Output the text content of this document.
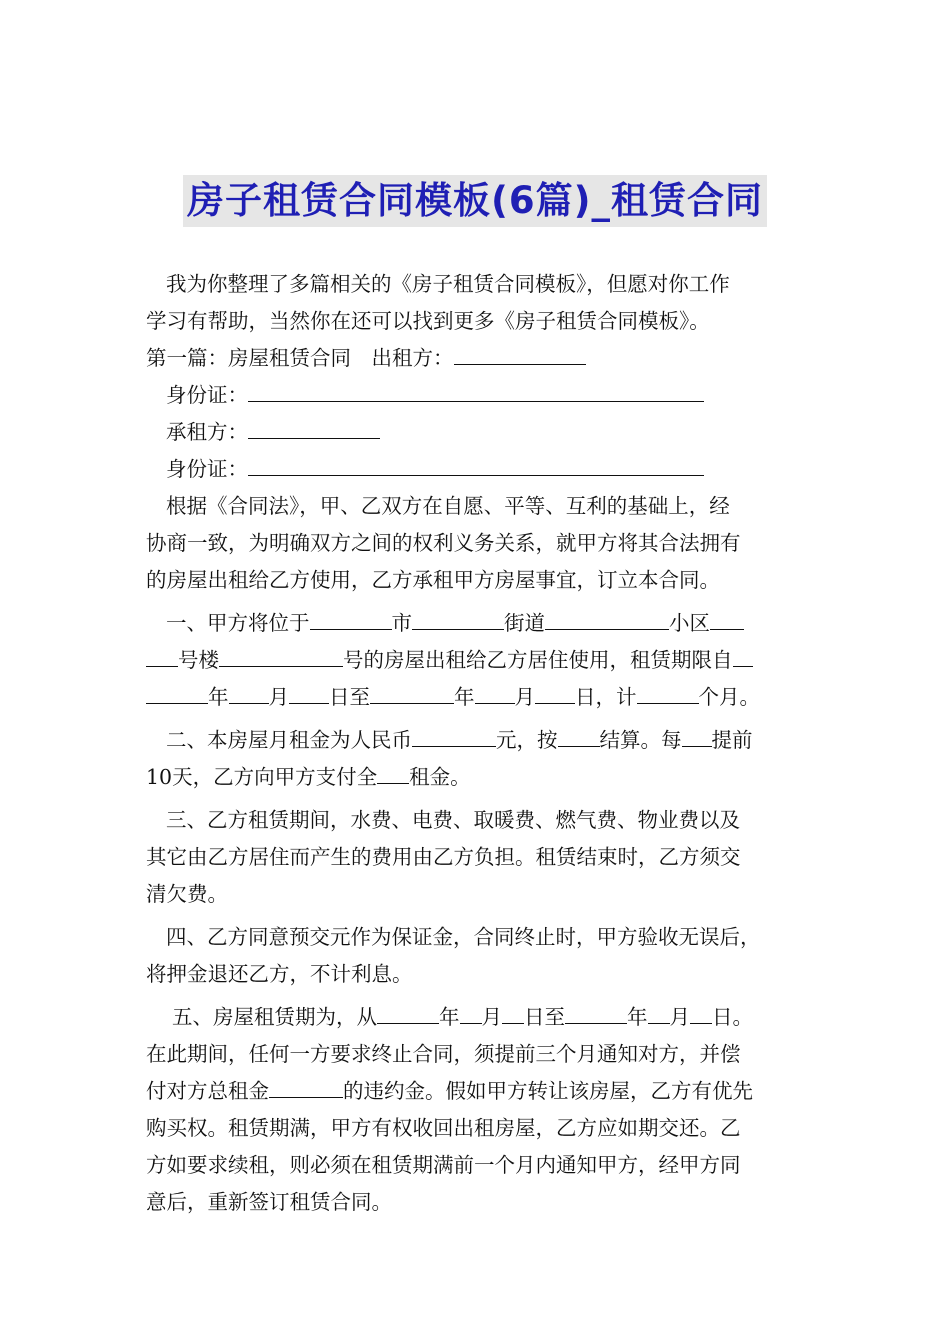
房子租赁合同模板(6篇)_租赁合同

我为你整理了多篇相关的《房子租赁合同模板》，但愿对你工作

学习有帮助，当然你在还可以找到更多《房子租赁合同模板》。

第一篇：房屋租赁合同　出租方：

身份证：

承租方：

身份证：

根据《合同法》，甲、乙双方在自愿、平等、互利的基础上，经

协商一致，为明确双方之间的权利义务关系，就甲方将其合法拥有

的房屋出租给乙方使用，乙方承租甲方房屋事宜，订立本合同。

一、甲方将位于	市	街道	小区

号楼	号的房屋出租给乙方居住使用，租赁期限自

年 月 日至	年 月 日，计	个月。

二、本房屋月租金为人民币	元，按 结算。每 提前

10天，乙方向甲方支付全 租金。

三、乙方租赁期间，水费、电费、取暖费、燃气费、物业费以及

其它由乙方居住而产生的费用由乙方负担。租赁结束时，乙方须交

清欠费。

四、乙方同意预交元作为保证金，合同终止时，甲方验收无误后，

将押金退还乙方，不计利息。

五、房屋租赁期为，从	年 月 日至	年 月 日。

在此期间，任何一方要求终止合同，须提前三个月通知对方，并偿

付对方总租金	的违约金。假如甲方转让该房屋，乙方有优先

购买权。租赁期满，甲方有权收回出租房屋，乙方应如期交还。乙

方如要求续租，则必须在租赁期满前一个月内通知甲方，经甲方同

意后，重新签订租赁合同。
